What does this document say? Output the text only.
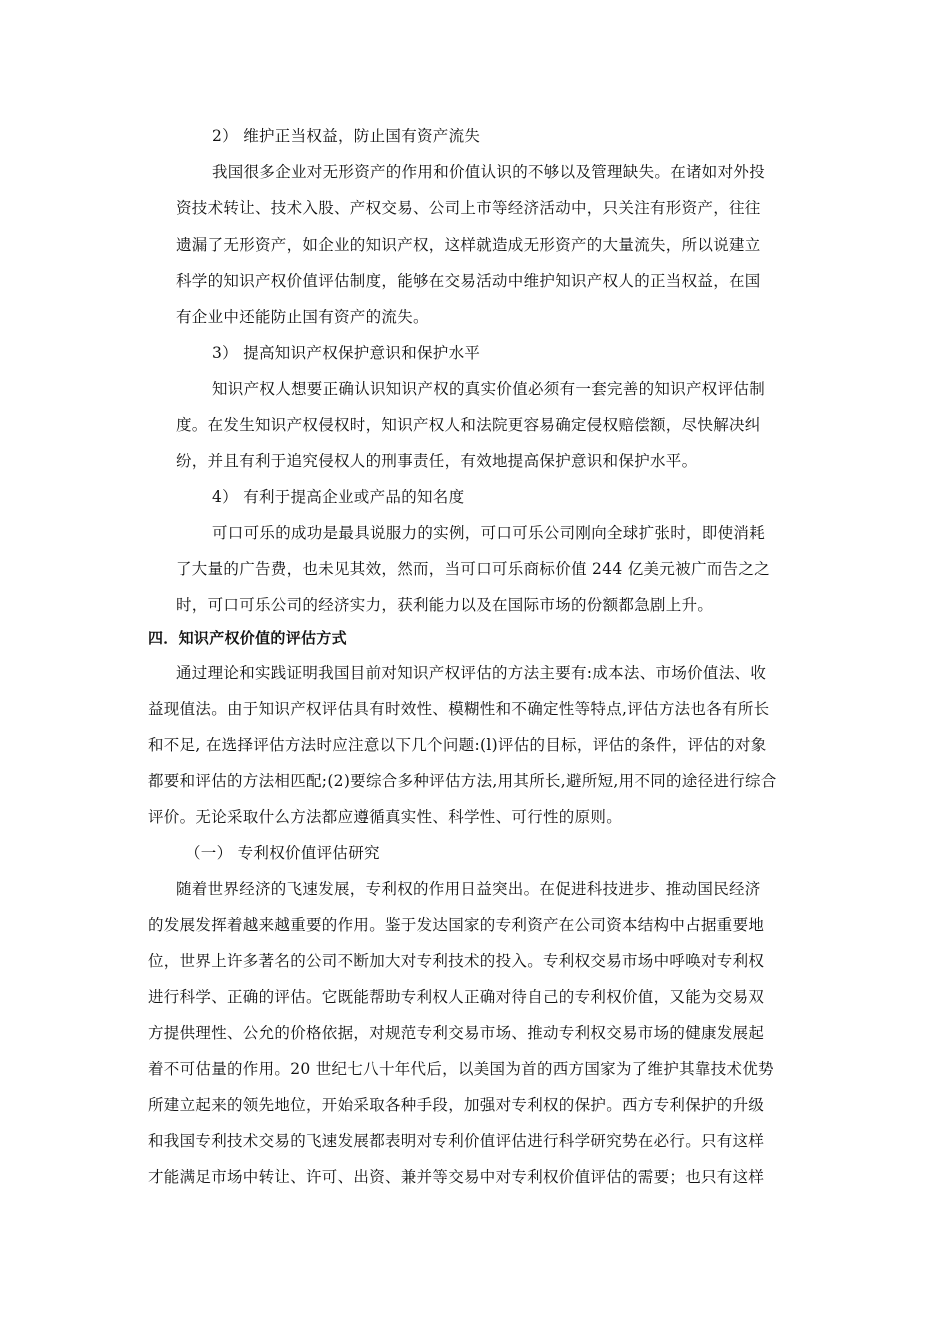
2） 维护正当权益，防止国有资产流失
我国很多企业对无形资产的作用和价值认识的不够以及管理缺失。在诸如对外投
资技术转让、技术入股、产权交易、公司上市等经济活动中，只关注有形资产，往往
遗漏了无形资产，如企业的知识产权，这样就造成无形资产的大量流失，所以说建立
科学的知识产权价值评估制度，能够在交易活动中维护知识产权人的正当权益，在国
有企业中还能防止国有资产的流失。
3） 提高知识产权保护意识和保护水平
知识产权人想要正确认识知识产权的真实价值必须有一套完善的知识产权评估制
度。在发生知识产权侵权时，知识产权人和法院更容易确定侵权赔偿额，尽快解决纠
纷，并且有利于追究侵权人的刑事责任，有效地提高保护意识和保护水平。
4） 有利于提高企业或产品的知名度
可口可乐的成功是最具说服力的实例，可口可乐公司刚向全球扩张时，即使消耗
了大量的广告费，也未见其效，然而，当可口可乐商标价值 244 亿美元被广而告之之
时，可口可乐公司的经济实力，获利能力以及在国际市场的份额都急剧上升。
四．知识产权价值的评估方式
通过理论和实践证明我国目前对知识产权评估的方法主要有:成本法、市场价值法、收
益现值法。由于知识产权评估具有时效性、模糊性和不确定性等特点,评估方法也各有所长
和不足, 在选择评估方法时应注意以下几个问题:(l)评估的目标，评估的条件，评估的对象
都要和评估的方法相匹配;(2)要综合多种评估方法,用其所长,避所短,用不同的途径进行综合
评价。无论采取什么方法都应遵循真实性、科学性、可行性的原则。
（一） 专利权价值评估研究
随着世界经济的飞速发展，专利权的作用日益突出。在促进科技进步、推动国民经济
的发展发挥着越来越重要的作用。鉴于发达国家的专利资产在公司资本结构中占据重要地
位，世界上许多著名的公司不断加大对专利技术的投入。专利权交易市场中呼唤对专利权
进行科学、正确的评估。它既能帮助专利权人正确对待自己的专利权价值，又能为交易双
方提供理性、公允的价格依据，对规范专利交易市场、推动专利权交易市场的健康发展起
着不可估量的作用。20 世纪七八十年代后，以美国为首的西方国家为了维护其靠技术优势
所建立起来的领先地位，开始采取各种手段，加强对专利权的保护。西方专利保护的升级
和我国专利技术交易的飞速发展都表明对专利价值评估进行科学研究势在必行。只有这样
才能满足市场中转让、许可、出资、兼并等交易中对专利权价值评估的需要；也只有这样
